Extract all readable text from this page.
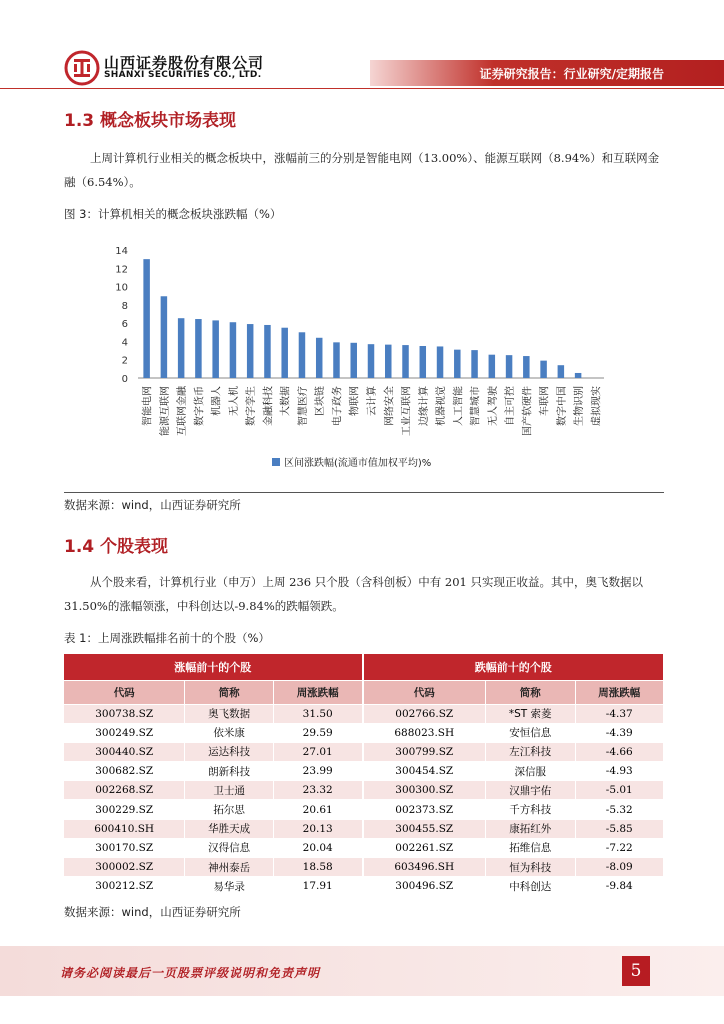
山西证券股份有限公司
SHANXI SECURITIES CO., LTD.	证券研究报告：行业研究/定期报告
1.3 概念板块市场表现
上周计算机行业相关的概念板块中，涨幅前三的分别是智能电网（13.00%）、能源互联网（8.94%）和互联网金融（6.54%）。
图 3：计算机相关的概念板块涨跌幅（%）
0
2
4
6
8
10
12
14
智能电网 能源互联网 互联网金融 数字货币 机器人 无人机 数字孪生 金融科技 大数据 智慧医疗 区块链 电子政务 物联网 云计算 网络安全 工业互联网 边缘计算 机器视觉 人工智能 智慧城市 无人驾驶 自主可控 国产软硬件 车联网 数字中国 生物识别 虚拟现实
区间涨跌幅(流通市值加权平均)%
数据来源：wind，山西证券研究所
1.4 个股表现
从个股来看，计算机行业（申万）上周 236 只个股（含科创板）中有 201 只实现正收益。其中，奥飞数据以 31.50%的涨幅领涨，中科创达以-9.84%的跌幅领跌。
表 1：上周涨跌幅排名前十的个股（%）
涨幅前十的个股			跌幅前十的个股		
代码	简称	周涨跌幅	代码	简称	周涨跌幅
300738.SZ	奥飞数据	31.50	002766.SZ	*ST 索菱	-4.37
300249.SZ	依米康	29.59	688023.SH	安恒信息	-4.39
300440.SZ	运达科技	27.01	300799.SZ	左江科技	-4.66
300682.SZ	朗新科技	23.99	300454.SZ	深信服	-4.93
002268.SZ	卫士通	23.32	300300.SZ	汉鼎宇佑	-5.01
300229.SZ	拓尔思	20.61	002373.SZ	千方科技	-5.32
600410.SH	华胜天成	20.13	300455.SZ	康拓红外	-5.85
300170.SZ	汉得信息	20.04	002261.SZ	拓维信息	-7.22
300002.SZ	神州泰岳	18.58	603496.SH	恒为科技	-8.09
300212.SZ	易华录	17.91	300496.SZ	中科创达	-9.84
数据来源：wind，山西证券研究所
请务必阅读最后一页股票评级说明和免责声明	5
